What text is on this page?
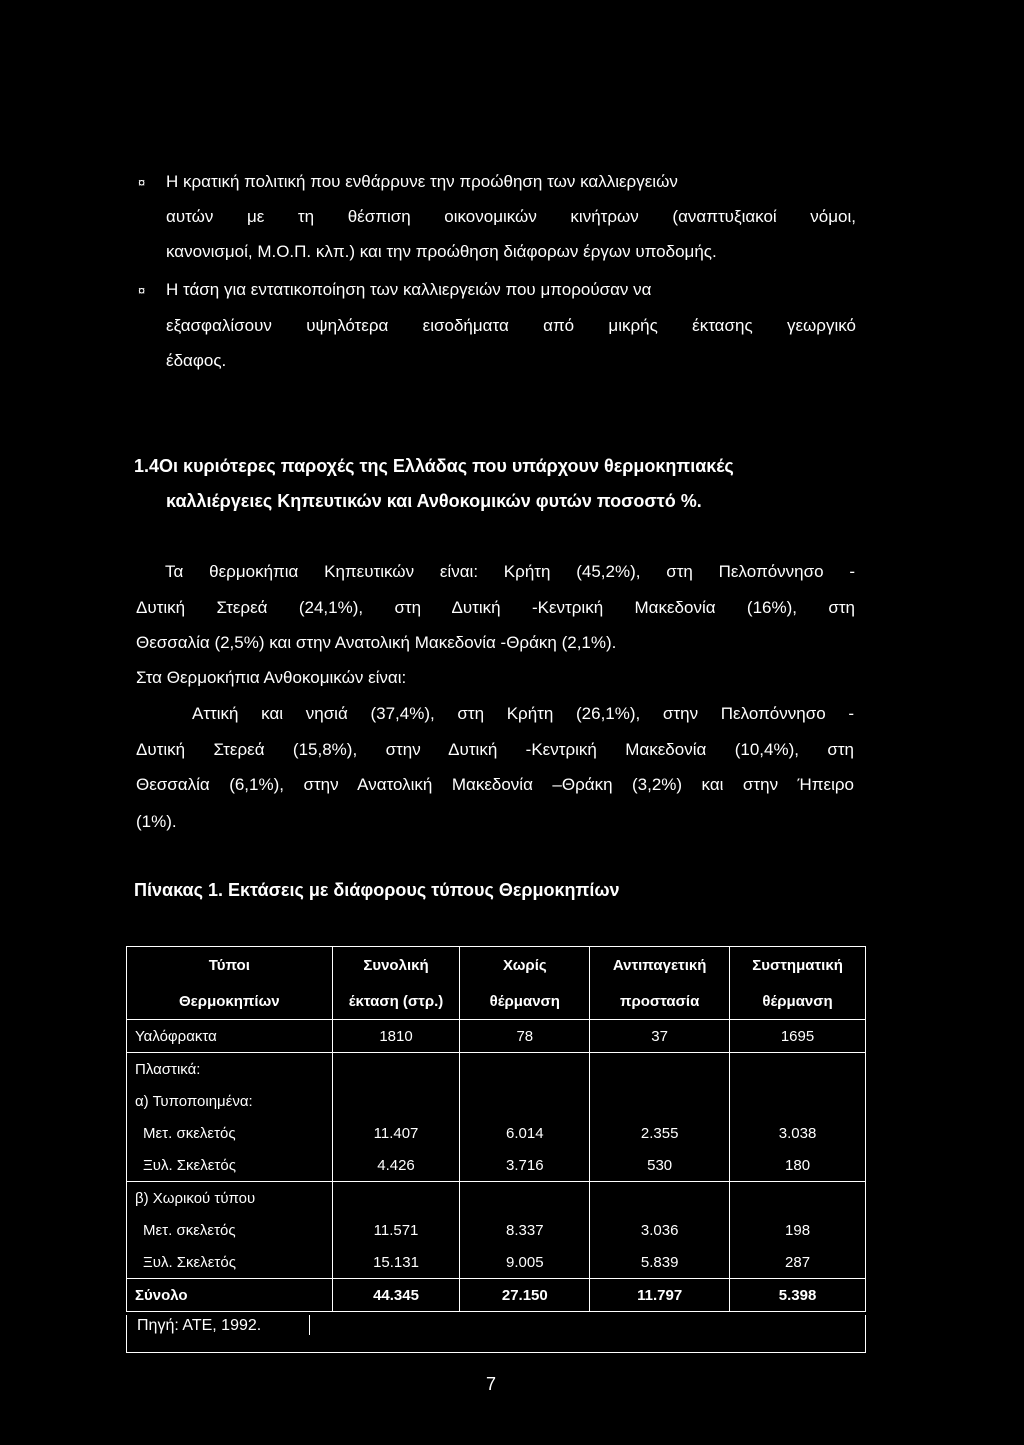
¤ Η κρατική πολιτική που ενθάρρυνε την προώθηση των καλλιεργειών
αυτών με τη θέσπιση οικονομικών κινήτρων (αναπτυξιακοί νόμοι,
κανονισμοί, Μ.Ο.Π. κλπ.) και την προώθηση διάφορων έργων υποδομής.
¤ Η τάση για εντατικοποίηση των καλλιεργειών που μπορούσαν να
εξασφαλίσουν υψηλότερα εισοδήματα από μικρής έκτασης γεωργικό
έδαφος.
1.4Οι κυριότερες παροχές της Ελλάδας που υπάρχουν θερμοκηπιακές
καλλιέργειες Κηπευτικών και Ανθοκομικών φυτών ποσοστό %.
Τα θερμοκήπια Κηπευτικών είναι: Κρήτη (45,2%), στη Πελοπόννησο -
Δυτική Στερεά (24,1%), στη Δυτική -Κεντρική Μακεδονία (16%), στη
Θεσσαλία (2,5%) και στην Ανατολική Μακεδονία -Θράκη (2,1%).
Στα Θερμοκήπια Ανθοκομικών είναι:
Αττική και νησιά (37,4%), στη Κρήτη (26,1%), στην Πελοπόννησο -
Δυτική Στερεά (15,8%), στην Δυτική -Κεντρική Μακεδονία (10,4%), στη
Θεσσαλία (6,1%), στην Ανατολική Μακεδονία –Θράκη (3,2%) και στην Ήπειρο
(1%).
Πίνακας 1. Εκτάσεις με διάφορους τύπους Θερμοκηπίων
Τύποι	Συνολική	Χωρίς	Αντιπαγετική	Συστηματική
Θερμοκηπίων	έκταση (στρ.)	θέρμανση	προστασία	θέρμανση
Υαλόφρακτα	1810	78	37	1695
Πλαστικά:				
α) Τυποποιημένα:				
Μετ. σκελετός	11.407	6.014	2.355	3.038
Ξυλ. Σκελετός	4.426	3.716	530	180
β) Χωρικού τύπου				
Μετ. σκελετός	11.571	8.337	3.036	198
Ξυλ. Σκελετός	15.131	9.005	5.839	287
Σύνολο	44.345	27.150	11.797	5.398
Πηγή: ΑΤΕ, 1992.
7
